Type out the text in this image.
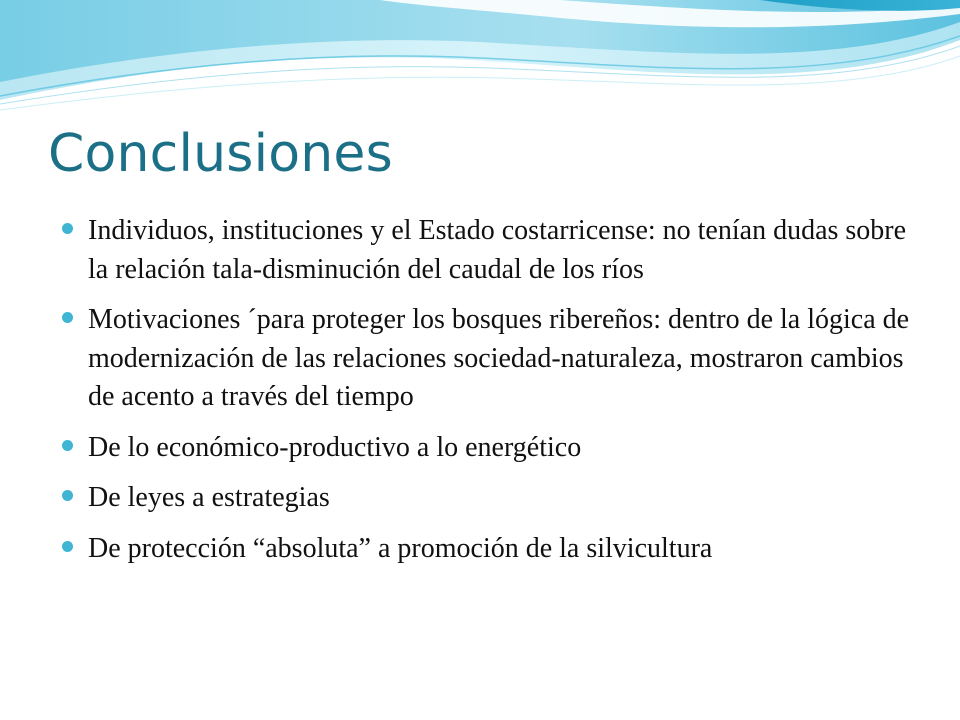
Conclusiones
Individuos, instituciones y el Estado costarricense: no tenían dudas sobre la relación tala-disminución del caudal de los ríos
Motivaciones ´para proteger los bosques ribereños: dentro de la lógica de modernización de las relaciones sociedad-naturaleza, mostraron cambios de acento a través del tiempo
De lo económico-productivo a lo energético
De leyes a estrategias
De protección “absoluta” a promoción de la silvicultura
